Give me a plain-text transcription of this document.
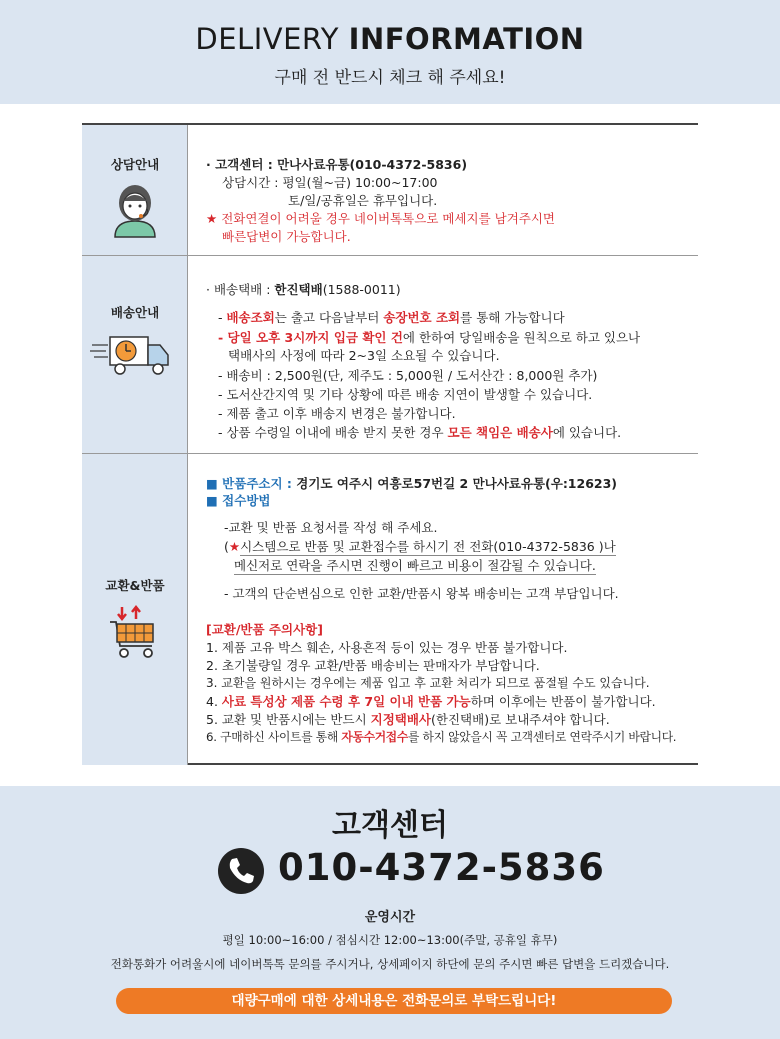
DELIVERY INFORMATION
구매 전 반드시 체크 해 주세요!
상담안내	· 고객센터 : 만나사료유통(010-4372-5836)
상담시간 : 평일(월~금) 10:00~17:00
토/일/공휴일은 휴무입니다.
★ 전화연결이 어려울 경우 네이버톡톡으로 메세지를 남겨주시면
빠른답변이 가능합니다.
배송안내
· 배송택배 : 한진택배(1588-0011)
- 배송조회는 출고 다음날부터 송장번호 조회를 통해 가능합니다
- 당일 오후 3시까지 입금 확인 건에 한하여 당일배송을 원칙으로 하고 있으나
택배사의 사정에 따라 2~3일 소요될 수 있습니다.
- 배송비 : 2,500원(단, 제주도 : 5,000원 / 도서산간 : 8,000원 추가)
- 도서산간지역 및 기타 상황에 따른 배송 지연이 발생할 수 있습니다.
- 제품 출고 이후 배송지 변경은 불가합니다.
- 상품 수령일 이내에 배송 받지 못한 경우 모든 책임은 배송사에 있습니다.
교환&반품
■ 반품주소지 : 경기도 여주시 여흥로57번길 2 만나사료유통(우:12623)
■ 접수방법
-교환 및 반품 요청서를 작성 해 주세요.
(★시스템으로 반품 및 교환접수를 하시기 전 전화(010-4372-5836 )나
메신저로 연락을 주시면 진행이 빠르고 비용이 절감될 수 있습니다.
- 고객의 단순변심으로 인한 교환/반품시 왕복 배송비는 고객 부담입니다.
[교환/반품 주의사항]
1. 제품 고유 박스 훼손, 사용흔적 등이 있는 경우 반품 불가합니다.
2. 초기불량일 경우 교환/반품 배송비는 판매자가 부담합니다.
3. 교환을 원하시는 경우에는 제품 입고 후 교환 처리가 되므로 품절될 수도 있습니다.
4. 사료 특성상 제품 수령 후 7일 이내 반품 가능하며 이후에는 반품이 불가합니다.
5. 교환 및 반품시에는 반드시 지정택배사(한진택배)로 보내주셔야 합니다.
6. 구매하신 사이트를 통해 자동수거접수를 하지 않았을시 꼭 고객센터로 연락주시기 바랍니다.
고객센터
010-4372-5836
운영시간
평일 10:00~16:00 / 점심시간 12:00~13:00(주말, 공휴일 휴무)
전화통화가 어려울시에 네이버톡톡 문의를 주시거나, 상세페이지 하단에 문의 주시면 빠른 답변을 드리겠습니다.
대량구매에 대한 상세내용은 전화문의로 부탁드립니다!
